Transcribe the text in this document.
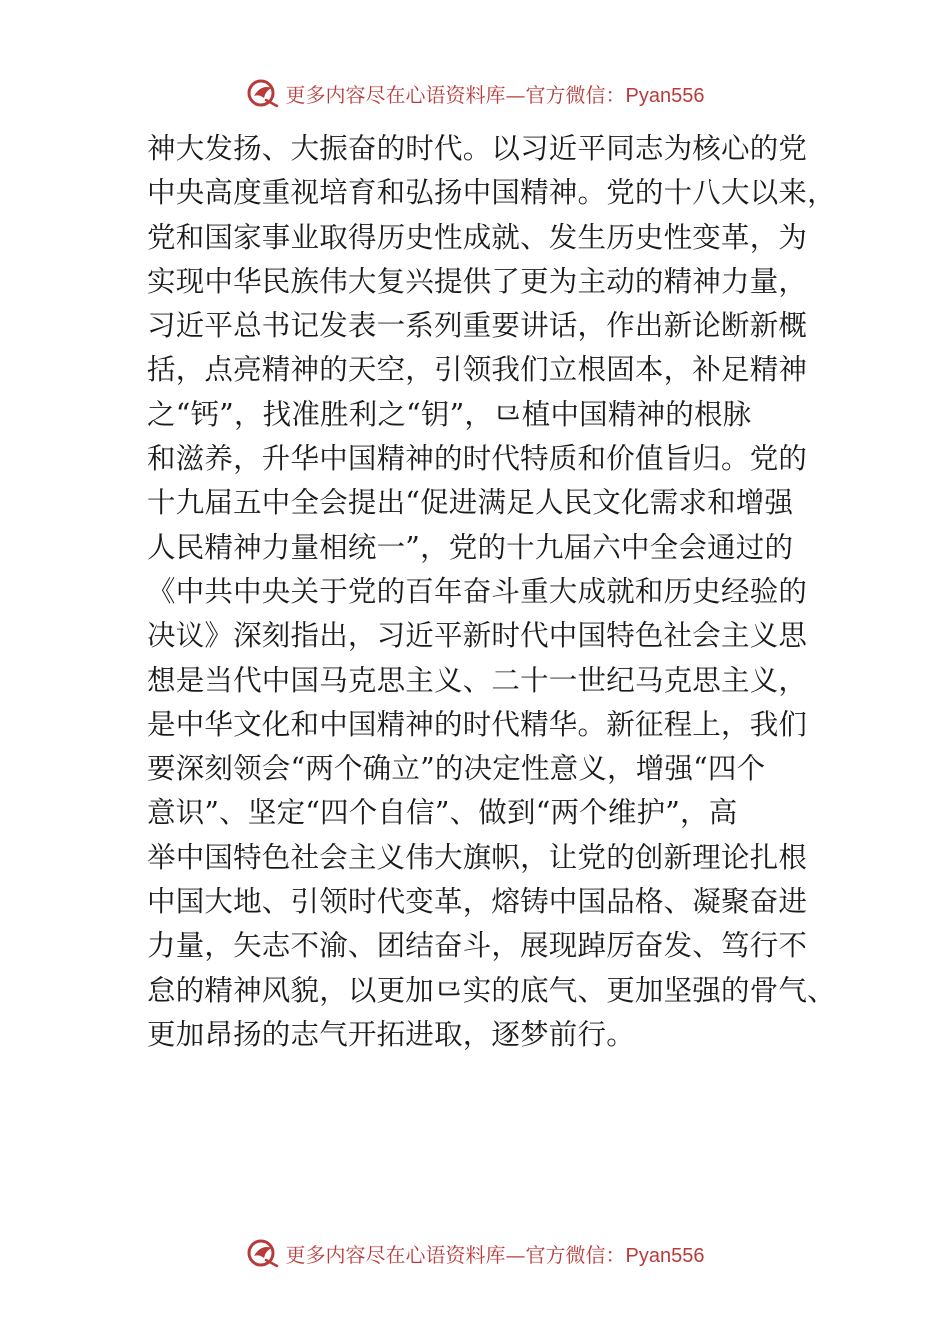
更多内容尽在心语资料库—官方微信：Pyan556
神大发扬、大振奋的时代。以习近平同志为核心的党
中央高度重视培育和弘扬中国精神。党的十八大以来，
党和国家事业取得历史性成就、发生历史性变革，为
实现中华民族伟大复兴提供了更为主动的精神力量，
习近平总书记发表一系列重要讲话，作出新论断新概
括，点亮精神的天空，引领我们立根固本，补足精神
之“钙”，找准胜利之“钥”，⺋植中国精神的根脉
和滋养，升华中国精神的时代特质和价值旨归。党的
十九届五中全会提出“促进满足人民文化需求和增强
人民精神力量相统一”，党的十九届六中全会通过的
《中共中央关于党的百年奋斗重大成就和历史经验的
决议》深刻指出，习近平新时代中国特色社会主义思
想是当代中国马克思主义、二十一世纪马克思主义，
是中华文化和中国精神的时代精华。新征程上，我们
要深刻领会“两个确立”的决定性意义，增强“四个
意识”、坚定“四个自信”、做到“两个维护”，高
举中国特色社会主义伟大旗帜，让党的创新理论扎根
中国大地、引领时代变革，熔铸中国品格、凝聚奋进
力量，矢志不渝、团结奋斗，展现踔厉奋发、笃行不
怠的精神风貌，以更加⺋实的底气、更加坚强的骨气、
更加昂扬的志气开拓进取，逐梦前行。
更多内容尽在心语资料库—官方微信：Pyan556
